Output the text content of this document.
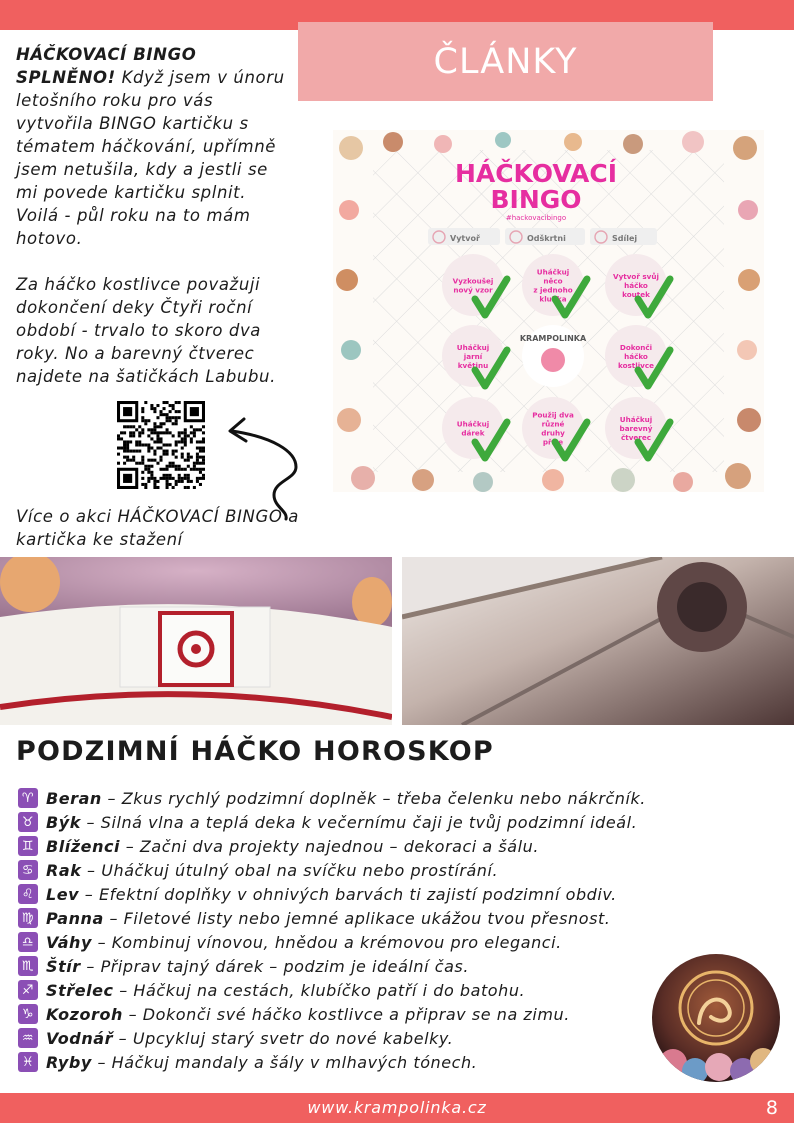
ČLÁNKY

HÁČKOVACÍ BINGO SPLNĚNO! Když jsem v únoru letošního roku pro vás vytvořila BINGO kartičku s tématem háčkování, upřímně jsem netušila, kdy a jestli se mi povede kartičku splnit. Voilá - půl roku na to mám hotovo.

Za háčko kostlivce považuji dokončení deky Čtyři roční období - trvalo to skoro dva roky. No a barevný čtverec najdete na šatičkách Labubu.

Více o akci HÁČKOVACÍ BINGO a kartička ke stažení
HÁČKOVACÍ
BINGO
#hackovacibingo
Vytvoř	Odškrtni	Sdílej
Vyzkoušej
nový vzor
Uháčkuj
něco
z jednoho
klubka
Vytvoř svůj
háčko
koutek
Uháčkuj
jarní
květinu
KRAMPOLINKA
Dokonči
háčko
kostlivce
Uháčkuj
dárek
Použij dva
různé
druhy
příze
Uháčkuj
barevný
čtverec
PODZIMNÍ HÁČKO HOROSKOP
♈ Beran – Zkus rychlý podzimní doplněk – třeba čelenku nebo nákrčník.
♉ Býk – Silná vlna a teplá deka k večernímu čaji je tvůj podzimní ideál.
♊ Blíženci – Začni dva projekty najednou – dekoraci a šálu.
♋ Rak – Uháčkuj útulný obal na svíčku nebo prostírání.
♌ Lev – Efektní doplňky v ohnivých barvách ti zajistí podzimní obdiv.
♍ Panna – Filetové listy nebo jemné aplikace ukážou tvou přesnost.
♎ Váhy – Kombinuj vínovou, hnědou a krémovou pro eleganci.
♏ Štír – Připrav tajný dárek – podzim je ideální čas.
♐ Střelec – Háčkuj na cestách, klubíčko patří i do batohu.
♑ Kozoroh – Dokonči své háčko kostlivce a připrav se na zimu.
♒ Vodnář – Upcykluj starý svetr do nové kabelky.
♓ Ryby – Háčkuj mandaly a šály v mlhavých tónech.
www.krampolinka.cz	8
